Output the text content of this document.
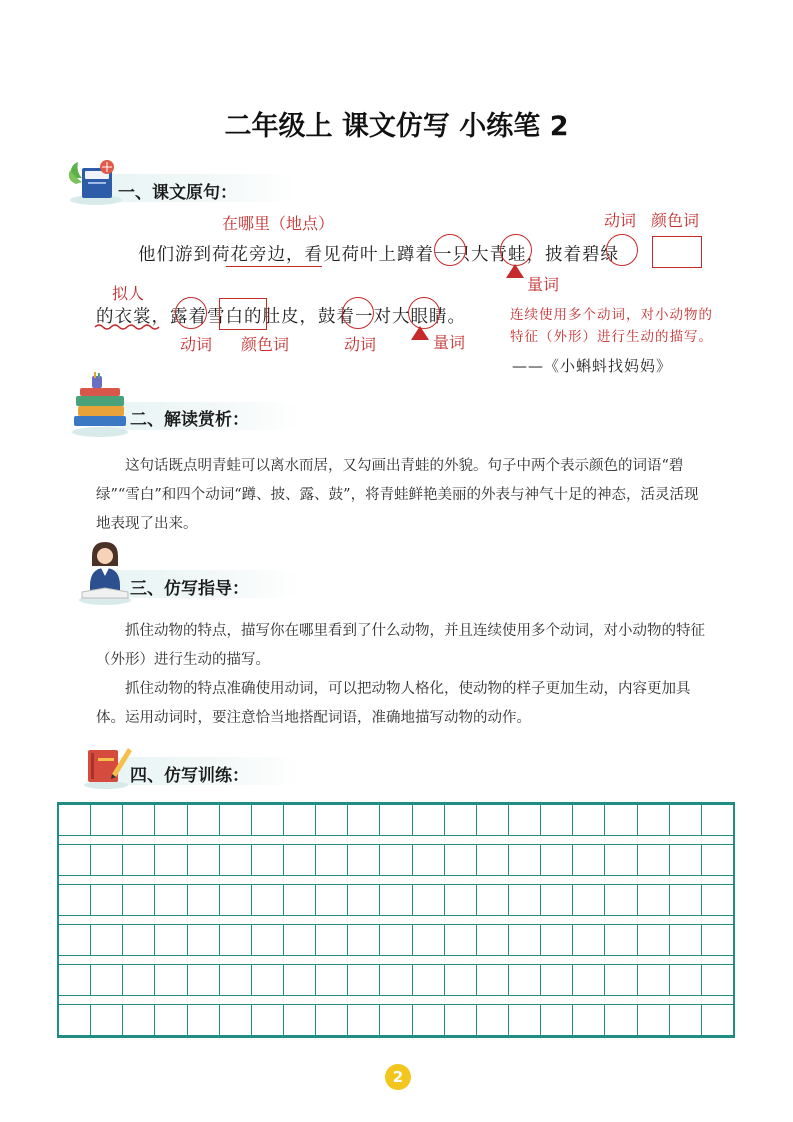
二年级上 课文仿写 小练笔 2
一、课文原句：
在哪里（地点）	动词 颜色词
他们游到荷花旁边，看见荷叶上蹲着一只大青蛙，披着碧绿
量词
拟人
的衣裳，露着雪白的肚皮，鼓着一对大眼睛。	连续使用多个动词，对小动物的
特征（外形）进行生动的描写。
动词 颜色词	动词	量词
——《小蝌蚪找妈妈》
二、解读赏析：

这句话既点明青蛙可以离水而居，又勾画出青蛙的外貌。句子中两个表示颜色的词语“碧绿”“雪白”和四个动词“蹲、披、露、鼓”，将青蛙鲜艳美丽的外表与神气十足的神态，活灵活现地表现了出来。

三、仿写指导：

抓住动物的特点，描写你在哪里看到了什么动物，并且连续使用多个动词，对小动物的特征（外形）进行生动的描写。

抓住动物的特点准确使用动词，可以把动物人格化，使动物的样子更加生动，内容更加具体。运用动词时，要注意恰当地搭配词语，准确地描写动物的动作。

四、仿写训练：
2
